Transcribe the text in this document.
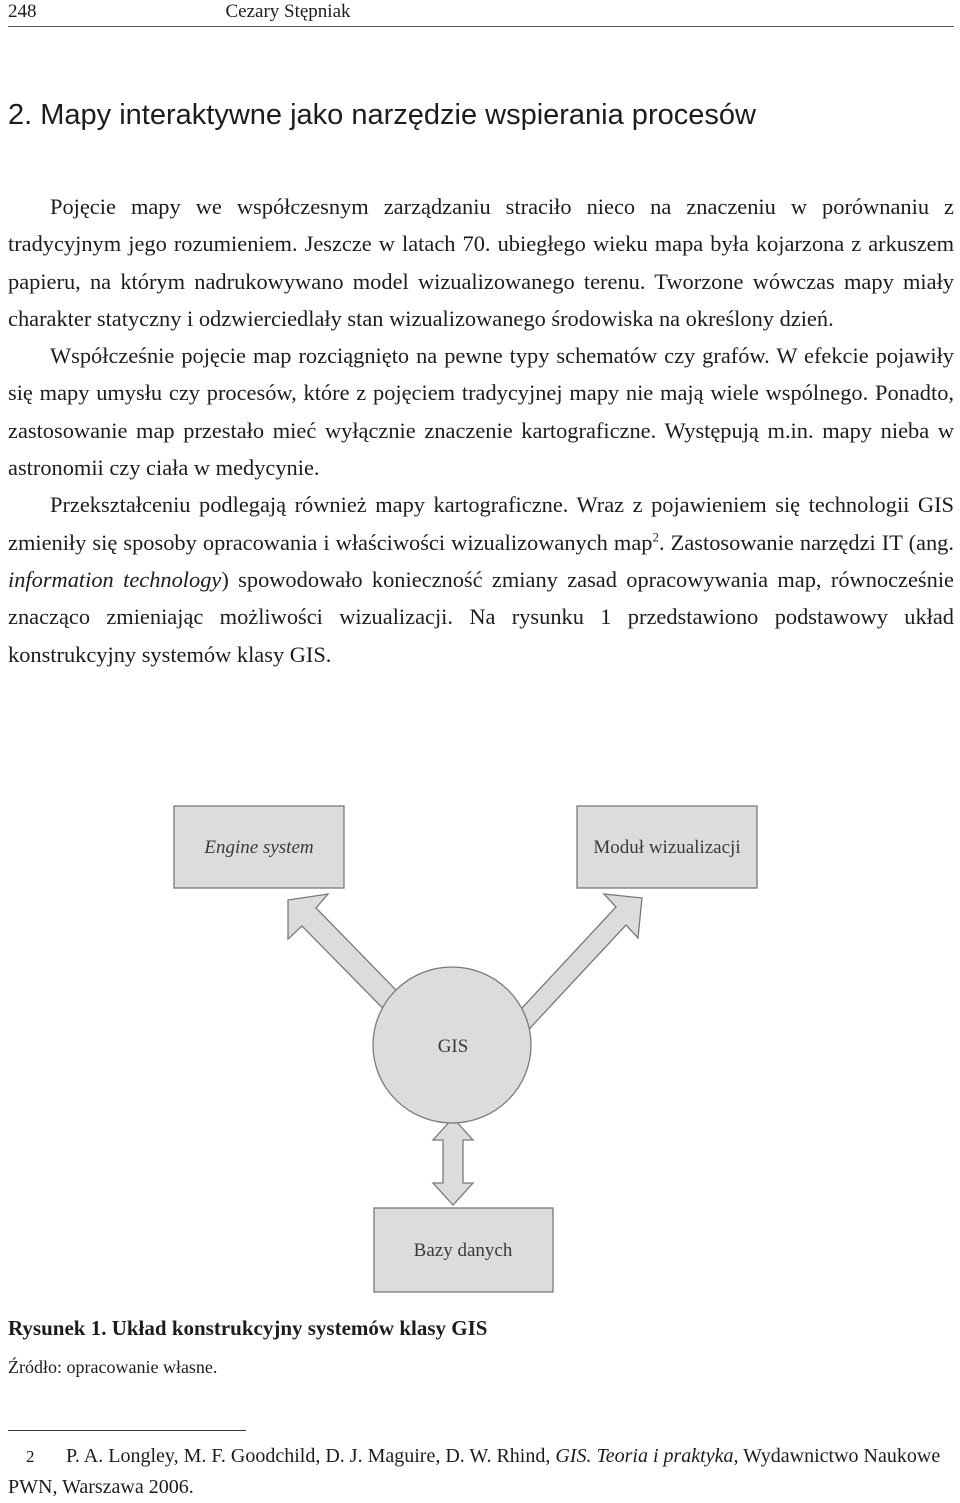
248	Cezary Stępniak
2. Mapy interaktywne jako narzędzie wspierania procesów

Pojęcie mapy we współczesnym zarządzaniu straciło nieco na znaczeniu w porównaniu z tradycyjnym jego rozumieniem. Jeszcze w latach 70. ubiegłego wieku mapa była kojarzona z arkuszem papieru, na którym nadrukowywano model wizualizowanego terenu. Tworzone wówczas mapy miały charakter statyczny i odzwierciedlały stan wizualizowanego środowiska na określony dzień.

Współcześnie pojęcie map rozciągnięto na pewne typy schematów czy grafów. W efekcie pojawiły się mapy umysłu czy procesów, które z pojęciem tradycyjnej mapy nie mają wiele wspólnego. Ponadto, zastosowanie map przestało mieć wyłącznie znaczenie kartograficzne. Występują m.in. mapy nieba w astronomii czy ciała w medycynie.

Przekształceniu podlegają również mapy kartograficzne. Wraz z pojawieniem się technologii GIS zmieniły się sposoby opracowania i właściwości wizualizowanych map$^2$. Zastosowanie narzędzi IT (ang. information technology) spowodowało konieczność zmiany zasad opracowywania map, równocześnie znacząco zmieniając możliwości wizualizacji. Na rysunku 1 przedstawiono podstawowy układ konstrukcyjny systemów klasy GIS.

Engine system	Moduł wizualizacji
GIS
Bazy danych
Rysunek 1. Układ konstrukcyjny systemów klasy GIS
Źródło: opracowanie własne.
2 P. A. Longley, M. F. Goodchild, D. J. Maguire, D. W. Rhind, GIS. Teoria i praktyka, Wydawnictwo Naukowe PWN, Warszawa 2006.
